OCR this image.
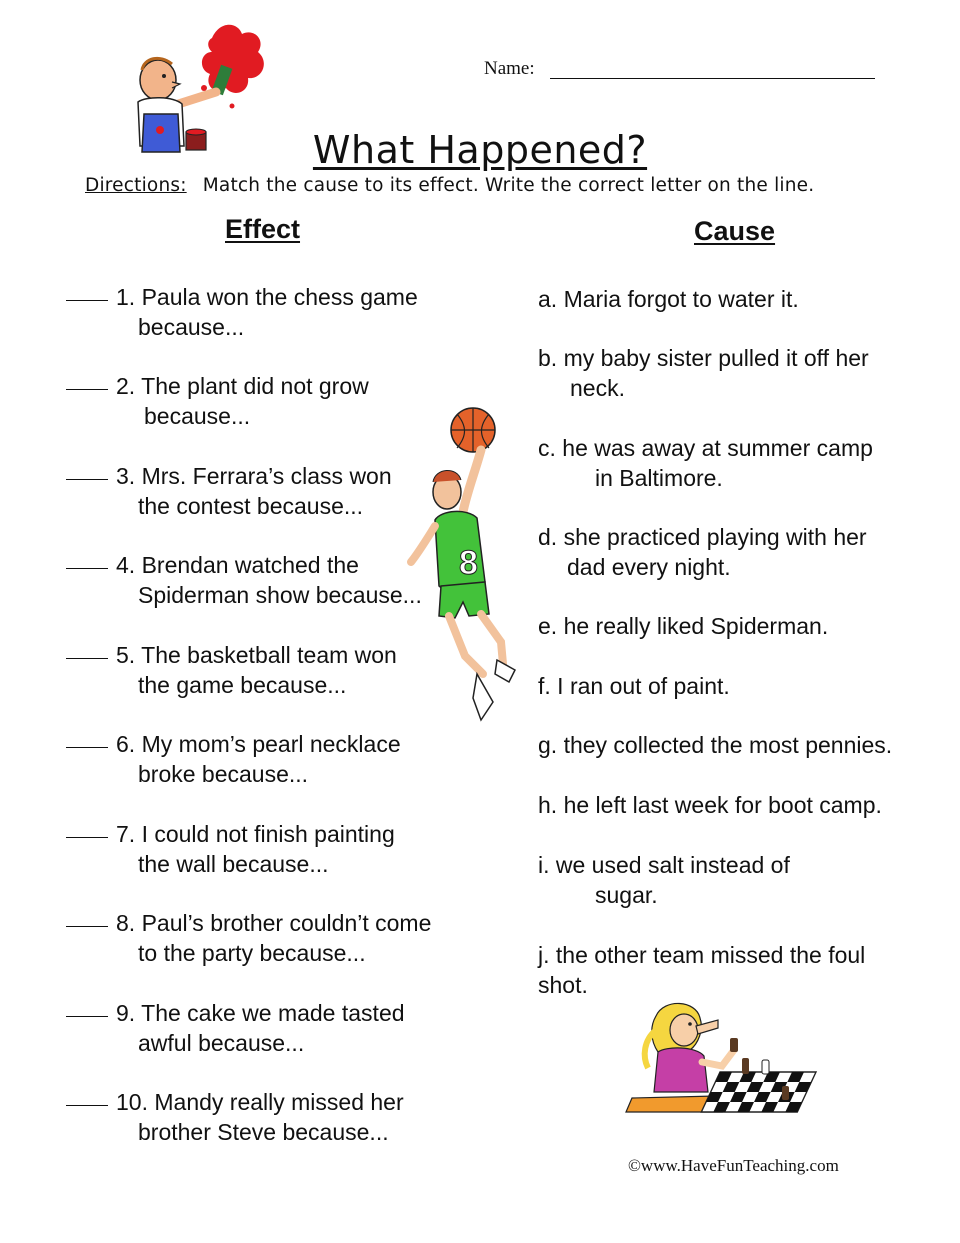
Name:
What Happened?
Directions: Match the cause to its effect. Write the correct letter on the line.
Effect	Cause
1. Paula won the chess game
because...
2. The plant did not grow
because...
3. Mrs. Ferrara’s class won
the contest because...
4. Brendan watched the
Spiderman show because...
5. The basketball team won
the game because...
6. My mom’s pearl necklace
broke because...
7. I could not finish painting
the wall because...
8. Paul’s brother couldn’t come
to the party because...
9. The cake we made tasted
awful because...
10. Mandy really missed her
brother Steve because...
a. Maria forgot to water it.
b. my baby sister pulled it off her
neck.
c. he was away at summer camp
in Baltimore.
d. she practiced playing with her
dad every night.
e. he really liked Spiderman.
f. I ran out of paint.
g. they collected the most pennies.
h. he left last week for boot camp.
i. we used salt instead of
sugar.
j. the other team missed the foul
shot.
8
©www.HaveFunTeaching.com
